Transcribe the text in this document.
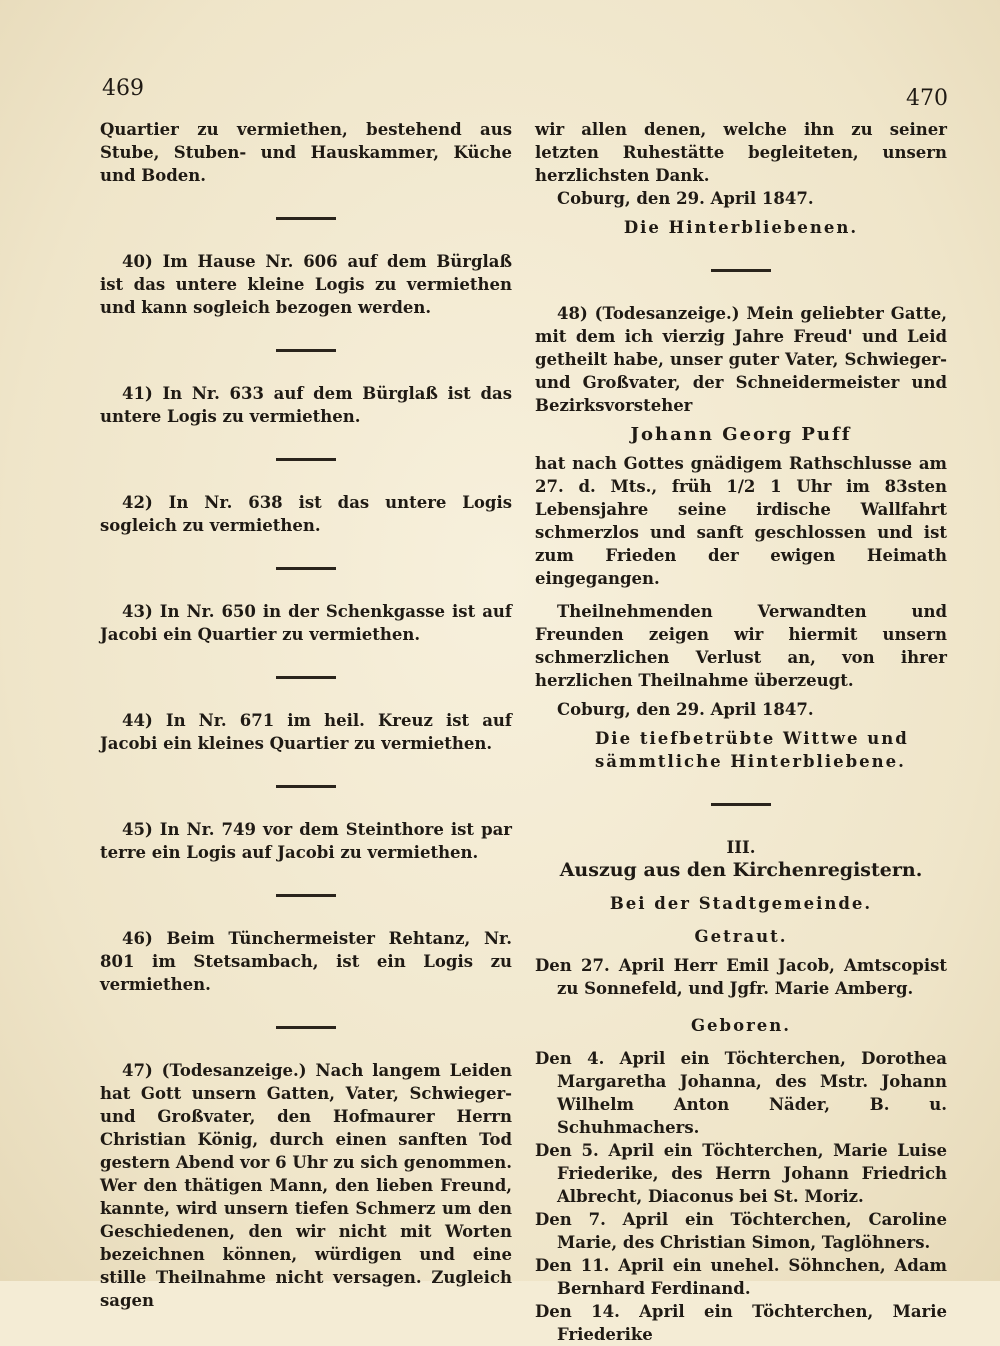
469	470

Quartier zu vermiethen, bestehend aus Stube, Stuben- und Hauskammer, Küche und Boden.

40) Im Hause Nr. 606 auf dem Bürglaß ist das untere kleine Logis zu vermiethen und kann sogleich bezogen werden.

41) In Nr. 633 auf dem Bürglaß ist das untere Logis zu vermiethen.

42) In Nr. 638 ist das untere Logis sogleich zu vermiethen.

43) In Nr. 650 in der Schenkgasse ist auf Jacobi ein Quartier zu vermiethen.

44) In Nr. 671 im heil. Kreuz ist auf Jacobi ein kleines Quartier zu vermiethen.

45) In Nr. 749 vor dem Steinthore ist par terre ein Logis auf Jacobi zu vermiethen.

46) Beim Tünchermeister Rehtanz, Nr. 801 im Stetsambach, ist ein Logis zu vermiethen.

47) (Todesanzeige.) Nach langem Leiden hat Gott unsern Gatten, Vater, Schwieger- und Großvater, den Hofmaurer Herrn Christian König, durch einen sanften Tod gestern Abend vor 6 Uhr zu sich genommen. Wer den thätigen Mann, den lieben Freund, kannte, wird unsern tiefen Schmerz um den Geschiedenen, den wir nicht mit Worten bezeichnen können, würdigen und eine stille Theilnahme nicht versagen. Zugleich sagen

wir allen denen, welche ihn zu seiner letzten Ruhestätte begleiteten, unsern herzlichsten Dank.

Coburg, den 29. April 1847.

Die Hinterbliebenen.

48) (Todesanzeige.) Mein geliebter Gatte, mit dem ich vierzig Jahre Freud' und Leid getheilt habe, unser guter Vater, Schwieger- und Großvater, der Schneidermeister und Bezirksvorsteher

Johann Georg Puff

hat nach Gottes gnädigem Rathschlusse am 27. d. Mts., früh 1/2 1 Uhr im 83sten Lebensjahre seine irdische Wallfahrt schmerzlos und sanft geschlossen und ist zum Frieden der ewigen Heimath eingegangen.

Theilnehmenden Verwandten und Freunden zeigen wir hiermit unsern schmerzlichen Verlust an, von ihrer herzlichen Theilnahme überzeugt.

Coburg, den 29. April 1847.

Die tiefbetrübte Wittwe und sämmtliche Hinterbliebene.

III.

Auszug aus den Kirchenregistern.

Bei der Stadtgemeinde.

Getraut.

Den 27. April Herr Emil Jacob, Amtscopist zu Sonnefeld, und Jgfr. Marie Amberg.

Geboren.

Den 4. April ein Töchterchen, Dorothea Margaretha Johanna, des Mstr. Johann Wilhelm Anton Näder, B. u. Schuhmachers.

Den 5. April ein Töchterchen, Marie Luise Friederike, des Herrn Johann Friedrich Albrecht, Diaconus bei St. Moriz.

Den 7. April ein Töchterchen, Caroline Marie, des Christian Simon, Taglöhners.

Den 11. April ein unehel. Söhnchen, Adam Bernhard Ferdinand.

Den 14. April ein Töchterchen, Marie Friederike
